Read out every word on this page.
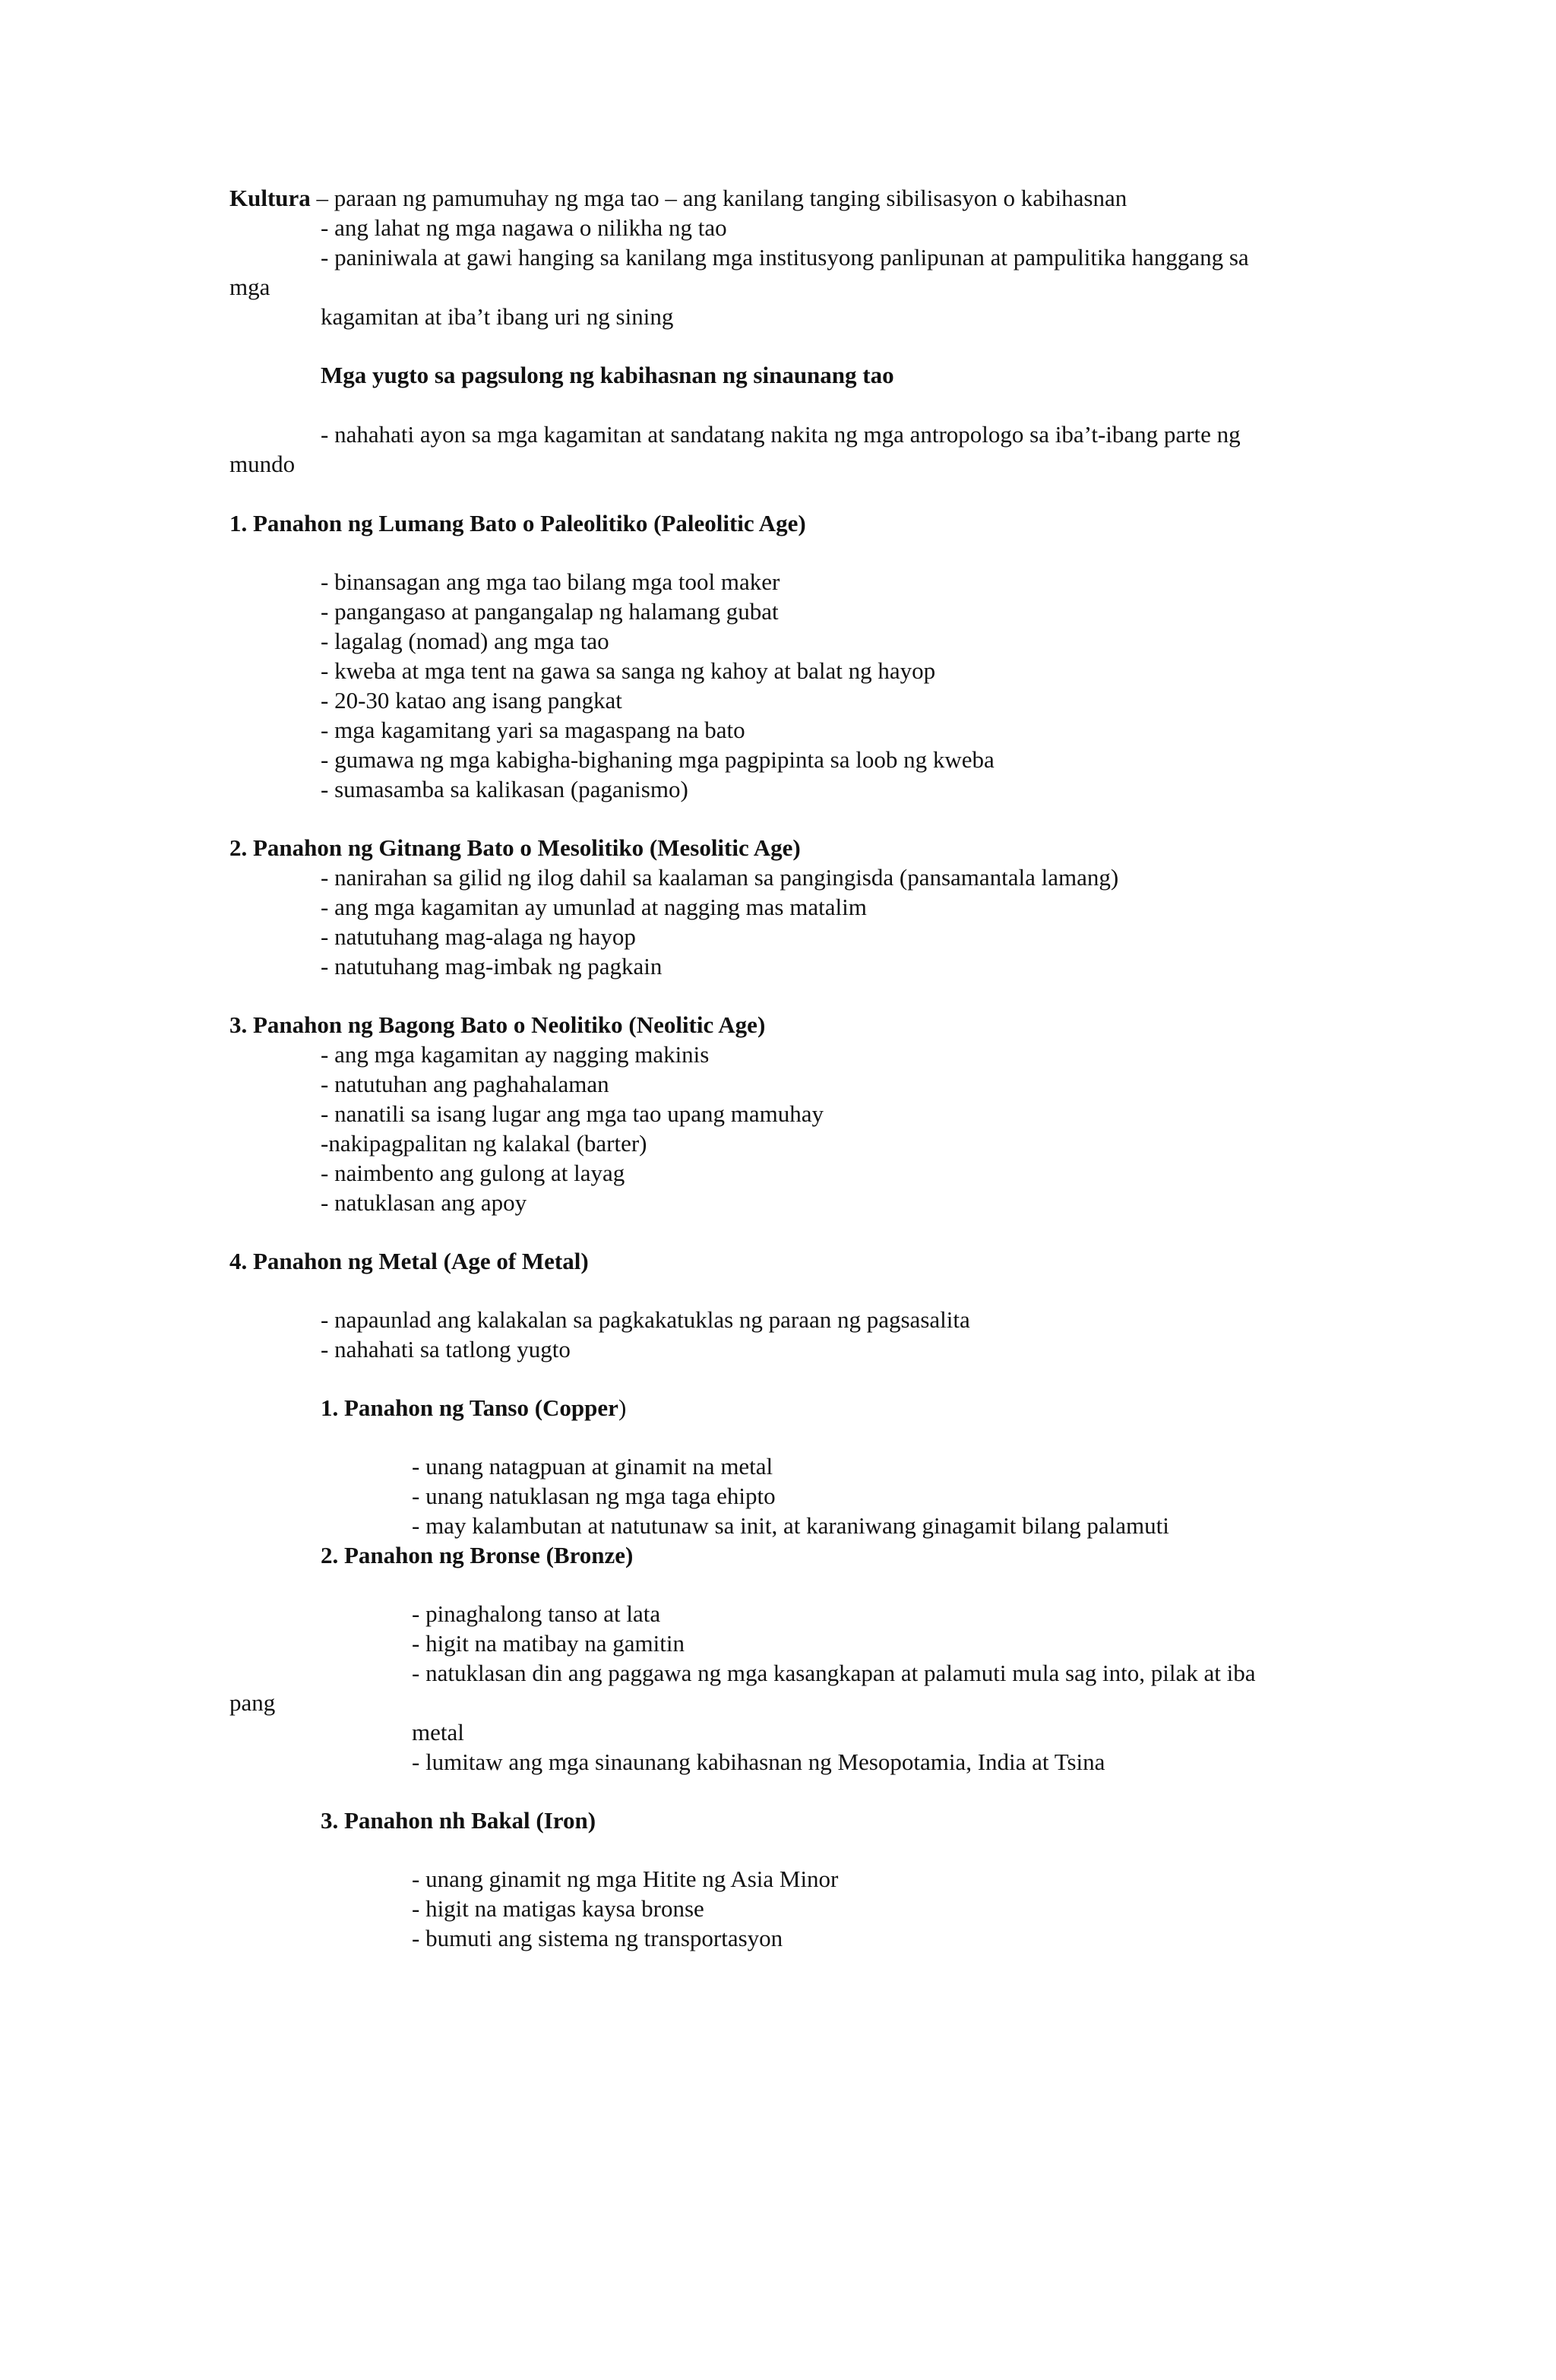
Kultura – paraan ng pamumuhay ng mga tao – ang kanilang tanging sibilisasyon o kabihasnan
- ang lahat ng mga nagawa o nilikha ng tao
- paniniwala at gawi hanging sa kanilang mga institusyong panlipunan at pampulitika hanggang sa
mga
kagamitan at iba’t ibang uri ng sining
Mga yugto sa pagsulong ng kabihasnan ng sinaunang tao
- nahahati ayon sa mga kagamitan at sandatang nakita ng mga antropologo sa iba’t-ibang parte ng
mundo
1. Panahon ng Lumang Bato o Paleolitiko (Paleolitic Age)
- binansagan ang mga tao bilang mga tool maker
- pangangaso at pangangalap ng halamang gubat
- lagalag (nomad) ang mga tao
- kweba at mga tent na gawa sa sanga ng kahoy at balat ng hayop
- 20-30 katao ang isang pangkat
- mga kagamitang yari sa magaspang na bato
- gumawa ng mga kabigha-bighaning mga pagpipinta sa loob ng kweba
- sumasamba sa kalikasan (paganismo)
2. Panahon ng Gitnang Bato o Mesolitiko (Mesolitic Age)
- nanirahan sa gilid ng ilog dahil sa kaalaman sa pangingisda (pansamantala lamang)
- ang mga kagamitan ay umunlad at nagging mas matalim
- natutuhang mag-alaga ng hayop
- natutuhang mag-imbak ng pagkain
3. Panahon ng Bagong Bato o Neolitiko (Neolitic Age)
- ang mga kagamitan ay nagging makinis
- natutuhan ang paghahalaman
- nanatili sa isang lugar ang mga tao upang mamuhay
-nakipagpalitan ng kalakal (barter)
- naimbento ang gulong at layag
- natuklasan ang apoy
4. Panahon ng Metal (Age of Metal)
- napaunlad ang kalakalan sa pagkakatuklas ng paraan ng pagsasalita
- nahahati sa tatlong yugto
1. Panahon ng Tanso (Copper)
- unang natagpuan at ginamit na metal
- unang natuklasan ng mga taga ehipto
- may kalambutan at natutunaw sa init, at karaniwang ginagamit bilang palamuti
2. Panahon ng Bronse (Bronze)
- pinaghalong tanso at lata
- higit na matibay na gamitin
- natuklasan din ang paggawa ng mga kasangkapan at palamuti mula sag into, pilak at iba
pang
metal
- lumitaw ang mga sinaunang kabihasnan ng Mesopotamia, India at Tsina
3. Panahon nh Bakal (Iron)
- unang ginamit ng mga Hitite ng Asia Minor
- higit na matigas kaysa bronse
- bumuti ang sistema ng transportasyon
